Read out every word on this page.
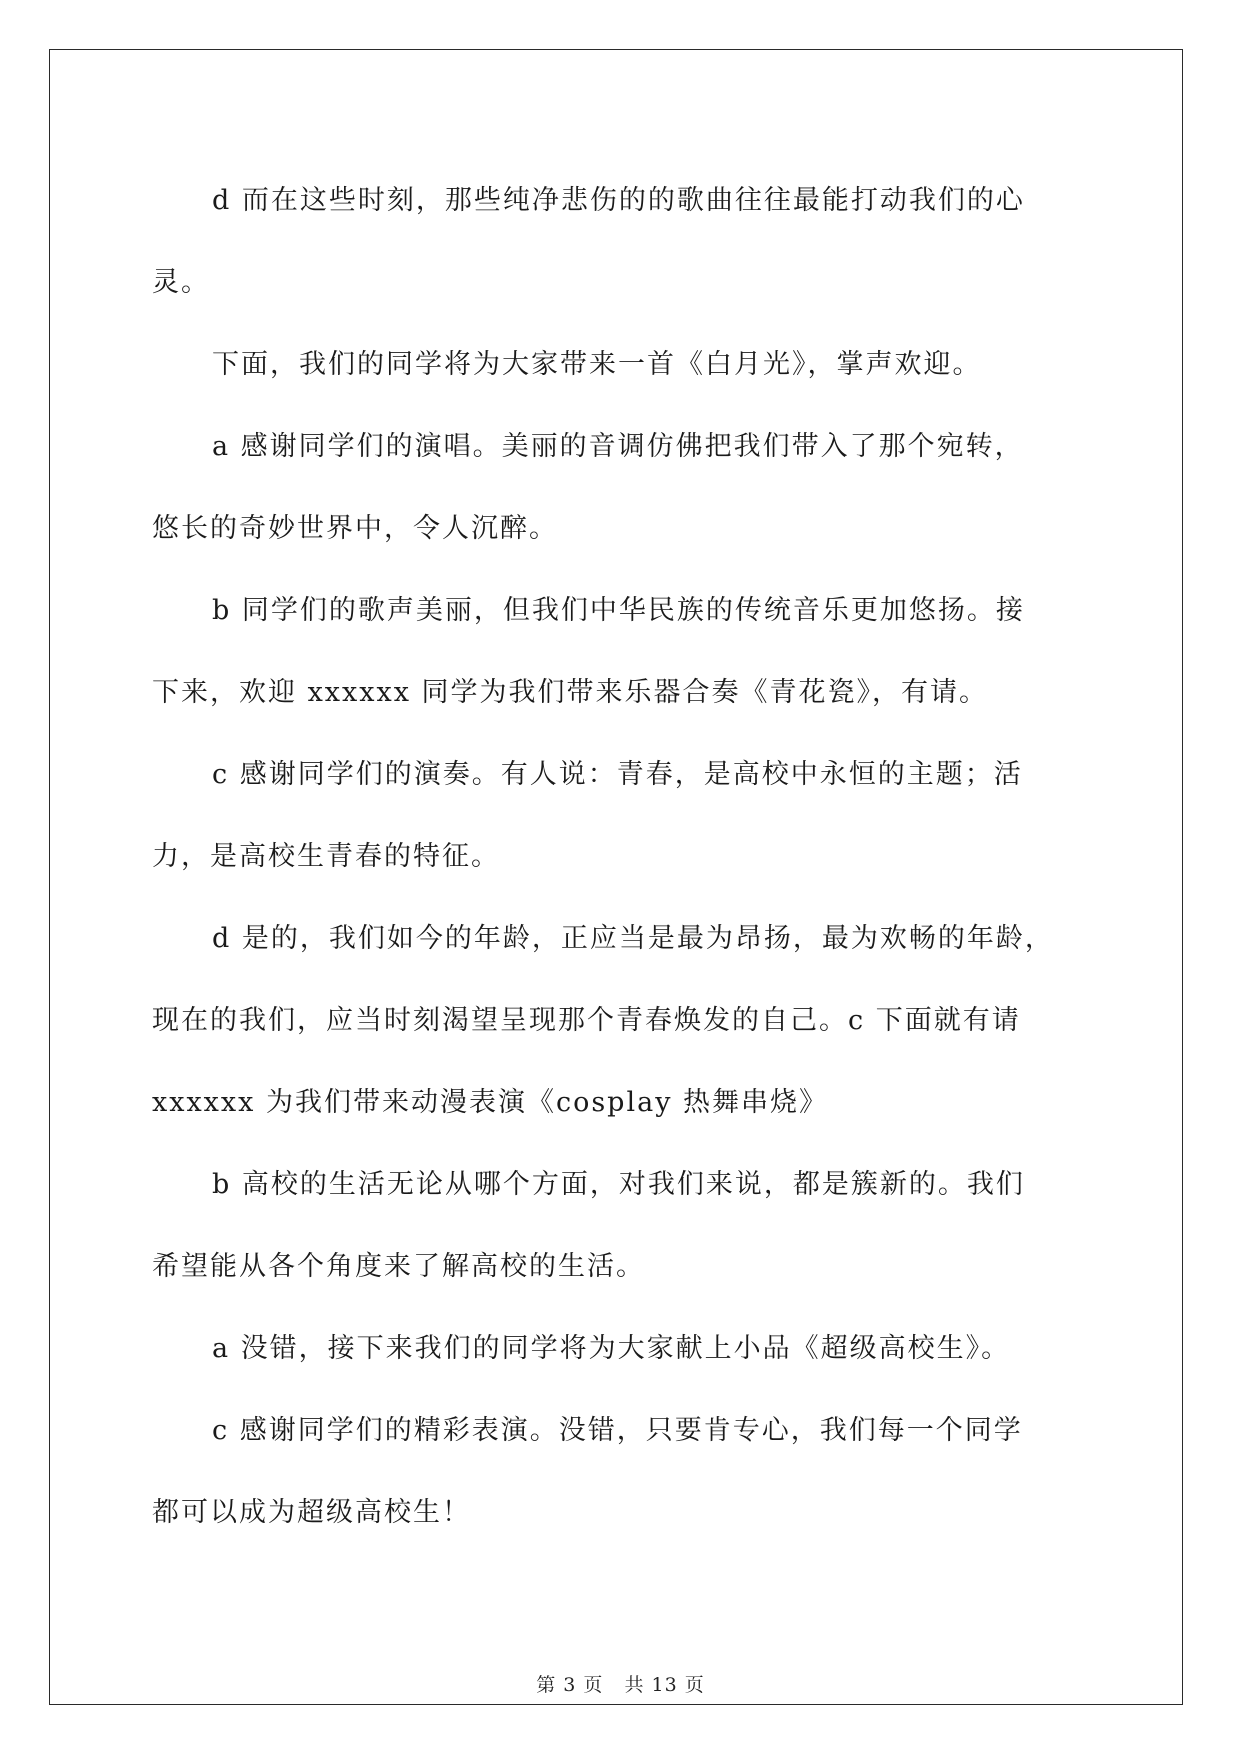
d 而在这些时刻，那些纯净悲伤的的歌曲往往最能打动我们的心
灵。

下面，我们的同学将为大家带来一首《白月光》，掌声欢迎。

a 感谢同学们的演唱。美丽的音调仿佛把我们带入了那个宛转，
悠长的奇妙世界中，令人沉醉。

b 同学们的歌声美丽，但我们中华民族的传统音乐更加悠扬。接
下来，欢迎 xxxxxx 同学为我们带来乐器合奏《青花瓷》，有请。

c 感谢同学们的演奏。有人说：青春，是高校中永恒的主题；活
力，是高校生青春的特征。

d 是的，我们如今的年龄，正应当是最为昂扬，最为欢畅的年龄，
现在的我们，应当时刻渴望呈现那个青春焕发的自己。c 下面就有请
xxxxxx 为我们带来动漫表演《cosplay 热舞串烧》

b 高校的生活无论从哪个方面，对我们来说，都是簇新的。我们
希望能从各个角度来了解高校的生活。

a 没错，接下来我们的同学将为大家献上小品《超级高校生》。

c 感谢同学们的精彩表演。没错，只要肯专心，我们每一个同学
都可以成为超级高校生！

第 3 页 共 13 页
